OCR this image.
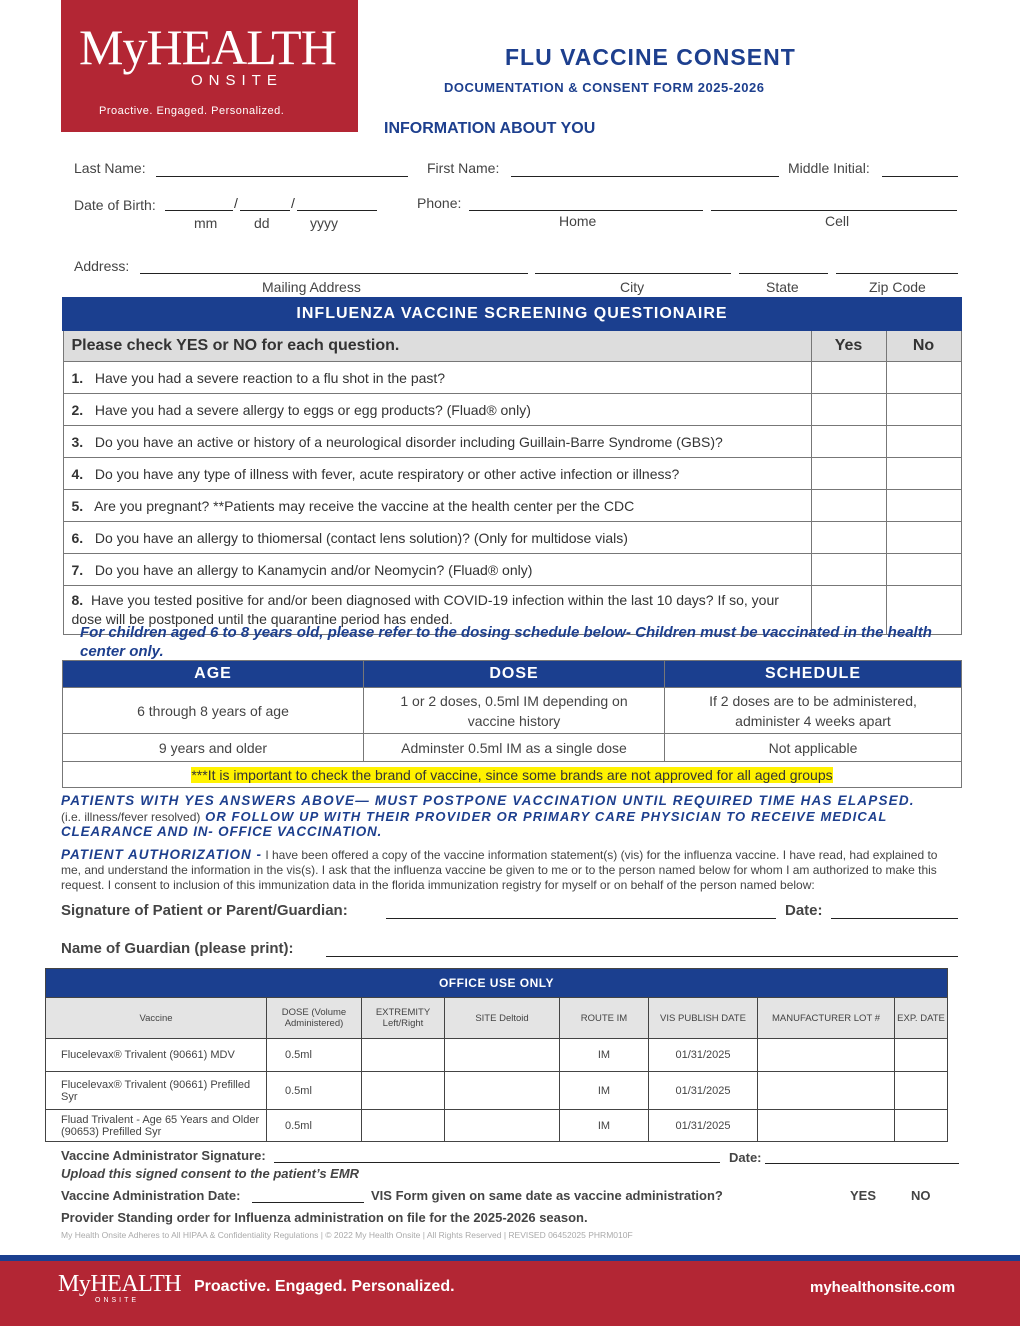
MyHEALTH
ONSITE
Proactive. Engaged. Personalized.
FLU VACCINE CONSENT
DOCUMENTATION & CONSENT FORM 2025-2026
INFORMATION ABOUT YOU
Last Name:	First Name:	Middle Initial:
Date of Birth:	/	/
mm	dd	yyyy
Phone:
Home	Cell
Address:
Mailing Address	City	State	Zip Code
INFLUENZA VACCINE SCREENING QUESTIONAIRE		
Please check YES or NO for each question.	Yes	No
1. Have you had a severe reaction to a flu shot in the past?		
2. Have you had a severe allergy to eggs or egg products? (Fluad® only)		
3. Do you have an active or history of a neurological disorder including Guillain-Barre Syndrome (GBS)?		
4. Do you have any type of illness with fever, acute respiratory or other active infection or illness?		
5. Are you pregnant? **Patients may receive the vaccine at the health center per the CDC		
6. Do you have an allergy to thiomersal (contact lens solution)? (Only for multidose vials)		
7. Do you have an allergy to Kanamycin and/or Neomycin? (Fluad® only)		
8. Have you tested positive for and/or been diagnosed with COVID-19 infection within the last 10 days? If so, your dose will be postponed until the quarantine period has ended.		
For children aged 6 to 8 years old, please refer to the dosing schedule below- Children must be vaccinated in the health center only.
AGE	DOSE	SCHEDULE
6 through 8 years of age	1 or 2 doses, 0.5ml IM depending on vaccine history	If 2 doses are to be administered, administer 4 weeks apart
9 years and older	Adminster 0.5ml IM as a single dose	Not applicable
***It is important to check the brand of vaccine, since some brands are not approved for all aged groups		
PATIENTS WITH YES ANSWERS ABOVE— MUST POSTPONE VACCINATION UNTIL REQUIRED TIME HAS ELAPSED.
(i.e. illness/fever resolved) OR FOLLOW UP WITH THEIR PROVIDER OR PRIMARY CARE PHYSICIAN TO RECEIVE MEDICAL
CLEARANCE AND IN- OFFICE VACCINATION.
PATIENT AUTHORIZATION - I have been offered a copy of the vaccine information statement(s) (vis) for the influenza vaccine. I have read, had explained to me, and understand the information in the vis(s). I ask that the influenza vaccine be given to me or to the person named below for whom I am authorized to make this request. I consent to inclusion of this immunization data in the florida immunization registry for myself or on behalf of the person named below:
Signature of Patient or Parent/Guardian:	Date:
Name of Guardian (please print):
OFFICE USE ONLY							
Vaccine	DOSE (Volume Administered)	EXTREMITY Left/Right	SITE Deltoid	ROUTE IM	VIS PUBLISH DATE	MANUFACTURER LOT #	EXP. DATE
Flucelevax® Trivalent (90661) MDV	0.5ml			IM	01/31/2025		
Flucelevax® Trivalent (90661) Prefilled Syr	0.5ml			IM	01/31/2025		
Fluad Trivalent - Age 65 Years and Older (90653) Prefilled Syr	0.5ml			IM	01/31/2025		
Vaccine Administrator Signature:	Date:
Upload this signed consent to the patient’s EMR
Vaccine Administration Date:	VIS Form given on same date as vaccine administration?	YES	NO
Provider Standing order for Influenza administration on file for the 2025-2026 season.
My Health Onsite Adheres to All HIPAA & Confidentiality Regulations | © 2022 My Health Onsite | All Rights Reserved | REVISED 06452025 PHRM010F
MyHEALTH
ONSITE
Proactive. Engaged. Personalized.	myhealthonsite.com
